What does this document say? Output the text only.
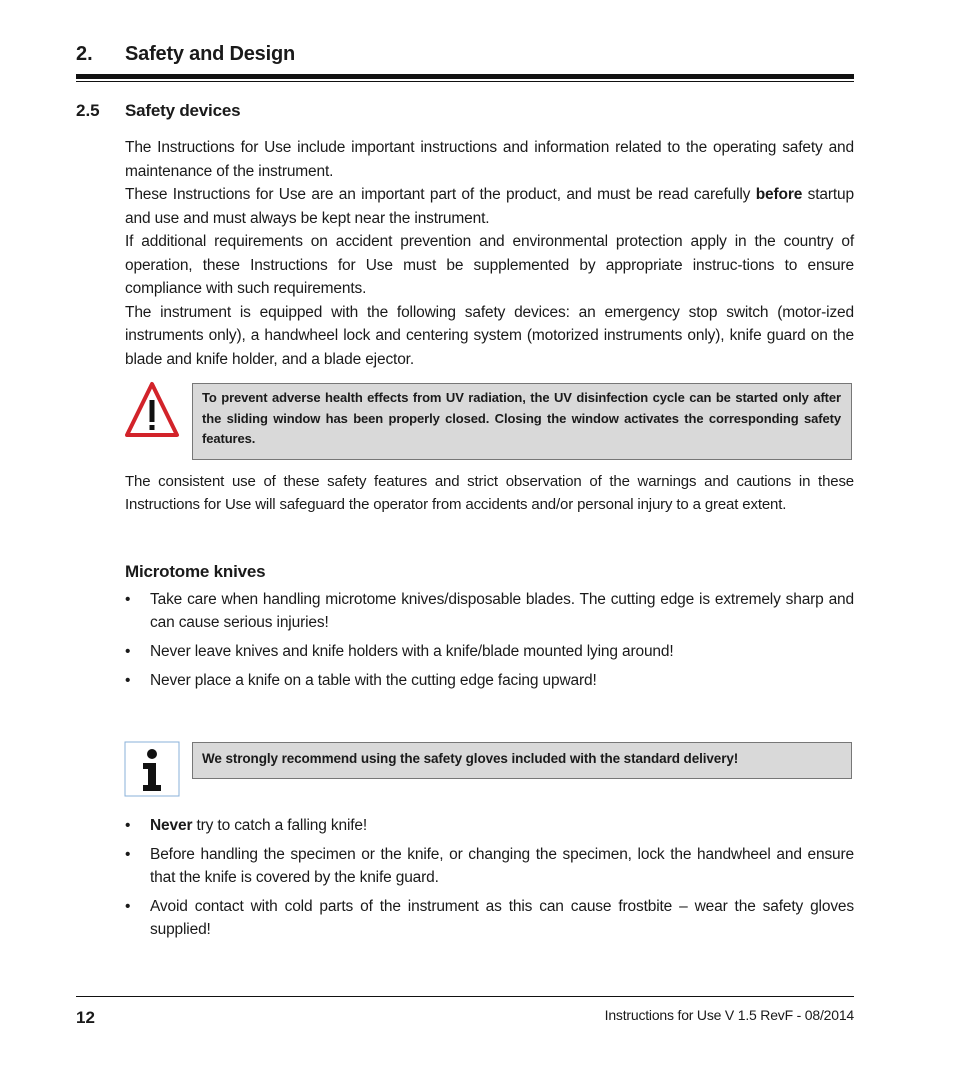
2. Safety and Design
2.5 Safety devices

The Instructions for Use include important instructions and information related to the operating safety and maintenance of the instrument.

These Instructions for Use are an important part of the product, and must be read carefully before startup and use and must always be kept near the instrument.

If additional requirements on accident prevention and environmental protection apply in the country of operation, these Instructions for Use must be supplemented by appropriate instruc-tions to ensure compliance with such requirements.

The instrument is equipped with the following safety devices: an emergency stop switch (motor-ized instruments only), a handwheel lock and centering system (motorized instruments only), knife guard on the blade and knife holder, and a blade ejector.

To prevent adverse health effects from UV radiation, the UV disinfection cycle can be started only after the sliding window has been properly closed. Closing the window activates the corresponding safety features.
The consistent use of these safety features and strict observation of the warnings and cautions in these Instructions for Use will safeguard the operator from accidents and/or personal injury to a great extent.
Microtome knives
• Take care when handling microtome knives/disposable blades. The cutting edge is extremely sharp and can cause serious injuries!
• Never leave knives and knife holders with a knife/blade mounted lying around!
• Never place a knife on a table with the cutting edge facing upward!
We strongly recommend using the safety gloves included with the standard delivery!
• Never try to catch a falling knife!
• Before handling the specimen or the knife, or changing the specimen, lock the handwheel and ensure that the knife is covered by the knife guard.
• Avoid contact with cold parts of the instrument as this can cause frostbite – wear the safety gloves supplied!
12	Instructions for Use V 1.5 RevF - 08/2014
